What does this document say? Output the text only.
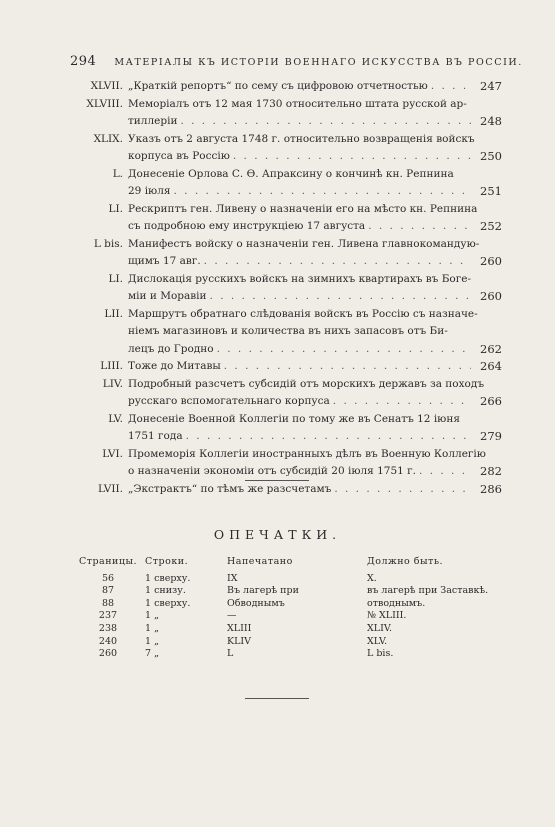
294 МАТЕРІАЛЫ КЪ ИСТОРІИ ВОЕННАГО ИСКУССТВА ВЪ РОССІИ.
XLVII. „Краткій репортъ“ по сему съ цифровою отчетностью . . .	247
XLVIII. Меморіалъ отъ 12 мая 1730 относительно штата русской ар-
тиллеріи . . .	248
XLIX. Указъ отъ 2 августа 1748 г. относительно возвращенія войскъ
корпуса въ Россію . . .	250
L. Донесеніе Орлова С. Ѳ. Апраксину о кончинѣ кн. Репнина
29 іюля . . .	251
LI. Рескриптъ ген. Ливену о назначеніи его на мѣсто кн. Репнина
съ подробною ему инструкціею 17 августа . . .	252
L bis. Манифестъ войску о назначеніи ген. Ливена главнокомандую-
щимъ 17 авг. . . .	260
LI. Дислокація русскихъ войскъ на зимнихъ квартирахъ въ Боге-
міи и Моравіи . . .	260
LII. Маршрутъ обратнаго слѣдованія войскъ въ Россію съ назначе-
ніемъ магазиновъ и количества въ нихъ запасовъ отъ Би-
лецъ до Гродно . . .	262
LIII. Тоже до Митавы . . .	264
LIV. Подробный разсчетъ субсидій отъ морскихъ державъ за походъ
русскаго вспомогательнаго корпуса . . .	266
LV. Донесеніе Военной Коллегіи по тому же въ Сенатъ 12 іюня
1751 года . . .	279
LVI. Промеморія Коллегіи иностранныхъ дѣлъ въ Военную Коллегію
о назначеніи экономіи отъ субсидій 20 іюля 1751 г. . . .	282
LVII. „Экстрактъ“ по тѣмъ же разсчетамъ . . .	286
ОПЕЧАТКИ.
Страницы. Строки.	Напечатано	Должно быть.
56	1 сверху.	IX	X.
87	1 снизу.	Въ лагерѣ при	въ лагерѣ при Заставкѣ.
88	1 сверху.	Обводнымъ	отводнымъ.
237	1 „	—	№ XLIII.
238	1 „	XLIII	XLIV.
240	1 „	KLIV	XLV.
260	7 „	L	L bis.
